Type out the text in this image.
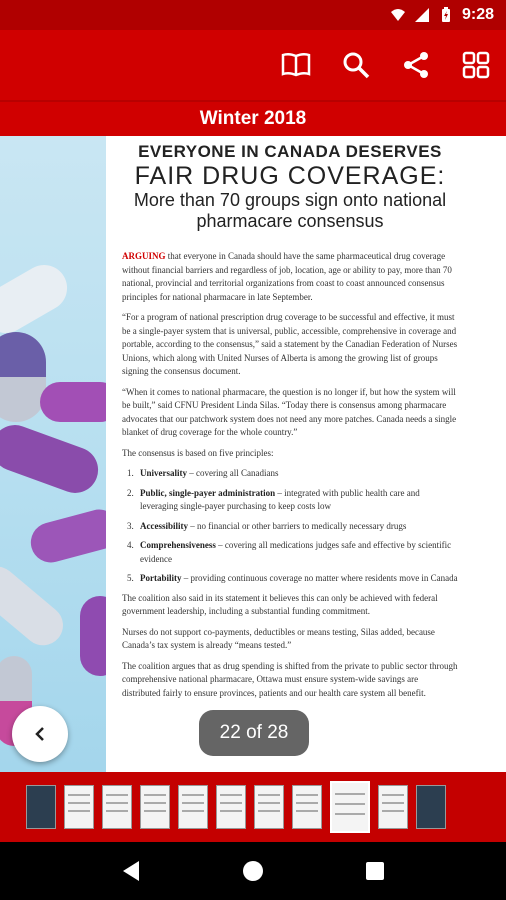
9:28
Winter 2018
EVERYONE IN CANADA DESERVES
FAIR DRUG COVERAGE:
More than 70 groups sign onto national pharmacare consensus

ARGUING that everyone in Canada should have the same pharmaceutical drug coverage without financial barriers and regardless of job, location, age or ability to pay, more than 70 national, provincial and territorial organizations from coast to coast announced consensus principles for national pharmacare in late September.

“For a program of national prescription drug coverage to be successful and effective, it must be a single-payer system that is universal, public, accessible, comprehensive in coverage and portable, according to the consensus,” said a statement by the Canadian Federation of Nurses Unions, which along with United Nurses of Alberta is among the growing list of groups signing the consensus document.

“When it comes to national pharmacare, the question is no longer if, but how the system will be built,” said CFNU President Linda Silas. “Today there is consensus among pharmacare advocates that our patchwork system does not need any more patches. Canada needs a single blanket of drug coverage for the whole country.”

The consensus is based on five principles:

1. Universality – covering all Canadians
2. Public, single-payer administration – integrated with public health care and leveraging single-payer purchasing to keep costs low
3. Accessibility – no financial or other barriers to medically necessary drugs
4. Comprehensiveness – covering all medications judges safe and effective by scientific evidence
5. Portability – providing continuous coverage no matter where residents move in Canada

The coalition also said in its statement it believes this can only be achieved with federal government leadership, including a substantial funding commitment.

Nurses do not support co-payments, deductibles or means testing, Silas added, because Canada’s tax system is already “means tested.”

The coalition argues that as drug spending is shifted from the private to public sector through comprehensive national pharmacare, Ottawa must ensure system-wide savings are distributed fairly to ensure provinces, patients and our health care system all benefit.

22 of 28
